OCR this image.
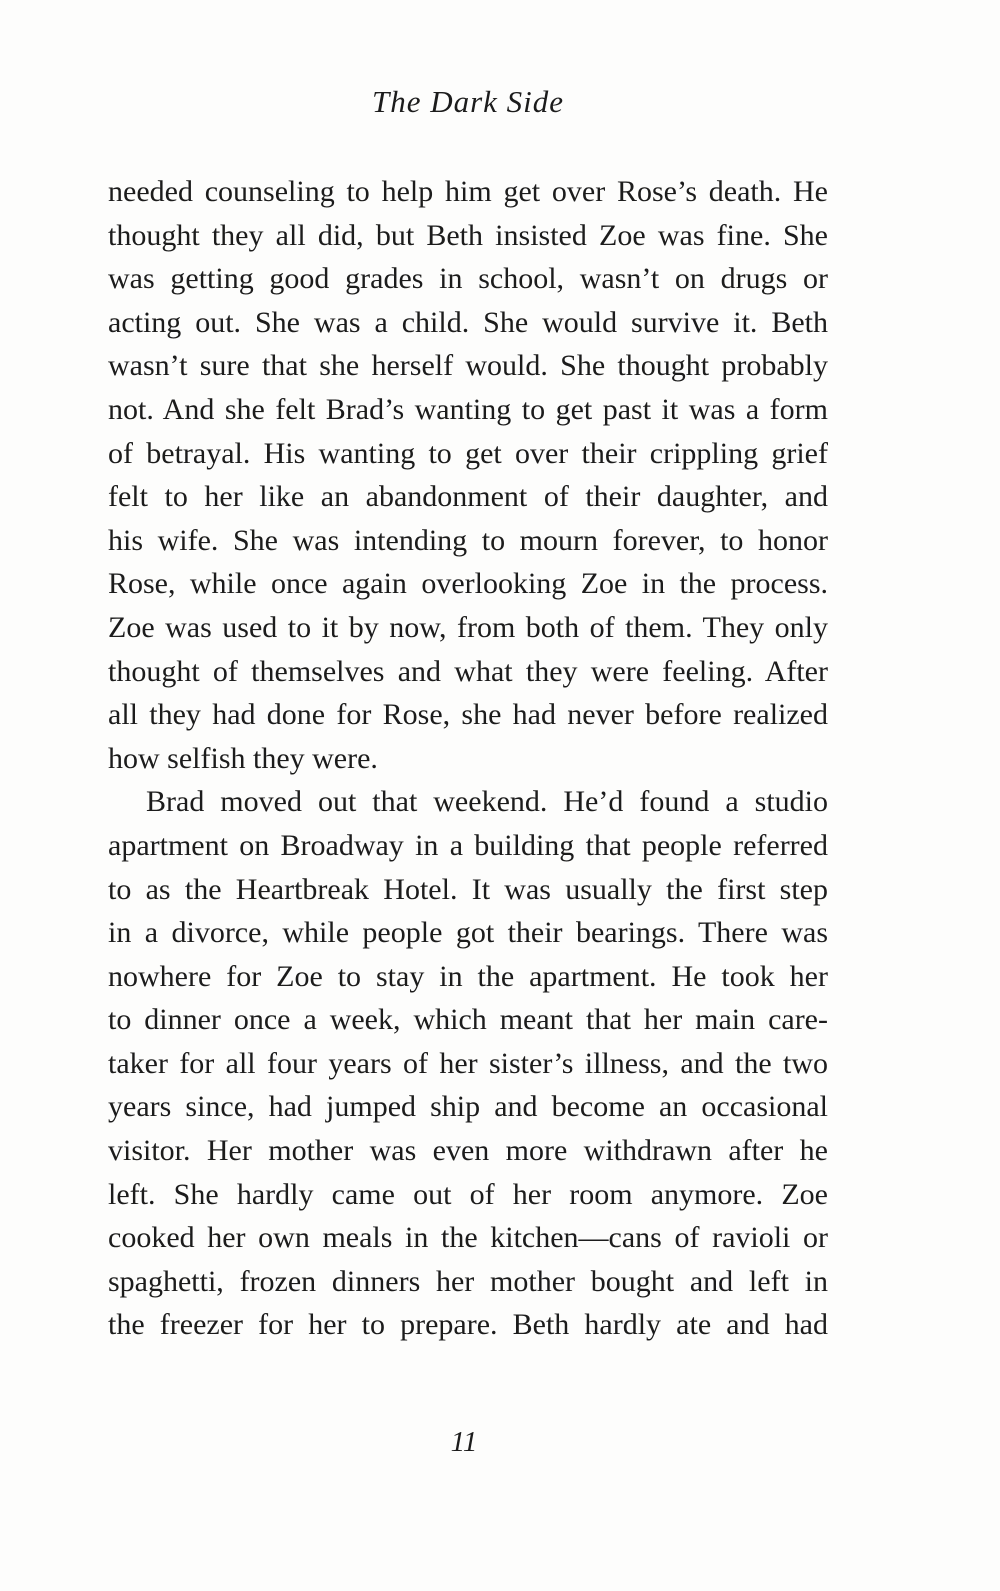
The Dark Side
needed counseling to help him get over Rose’s death. He
thought they all did, but Beth insisted Zoe was fine. She
was getting good grades in school, wasn’t on drugs or
acting out. She was a child. She would survive it. Beth
wasn’t sure that she herself would. She thought probably
not. And she felt Brad’s wanting to get past it was a form
of betrayal. His wanting to get over their crippling grief
felt to her like an abandonment of their daughter, and
his wife. She was intending to mourn forever, to honor
Rose, while once again overlooking Zoe in the process.
Zoe was used to it by now, from both of them. They only
thought of themselves and what they were feeling. After
all they had done for Rose, she had never before realized
how selfish they were.
Brad moved out that weekend. He’d found a studio
apartment on Broadway in a building that people referred
to as the Heartbreak Hotel. It was usually the first step
in a divorce, while people got their bearings. There was
nowhere for Zoe to stay in the apartment. He took her
to dinner once a week, which meant that her main care-
taker for all four years of her sister’s illness, and the two
years since, had jumped ship and become an occasional
visitor. Her mother was even more withdrawn after he
left. She hardly came out of her room anymore. Zoe
cooked her own meals in the kitchen—cans of ravioli or
spaghetti, frozen dinners her mother bought and left in
the freezer for her to prepare. Beth hardly ate and had
11
